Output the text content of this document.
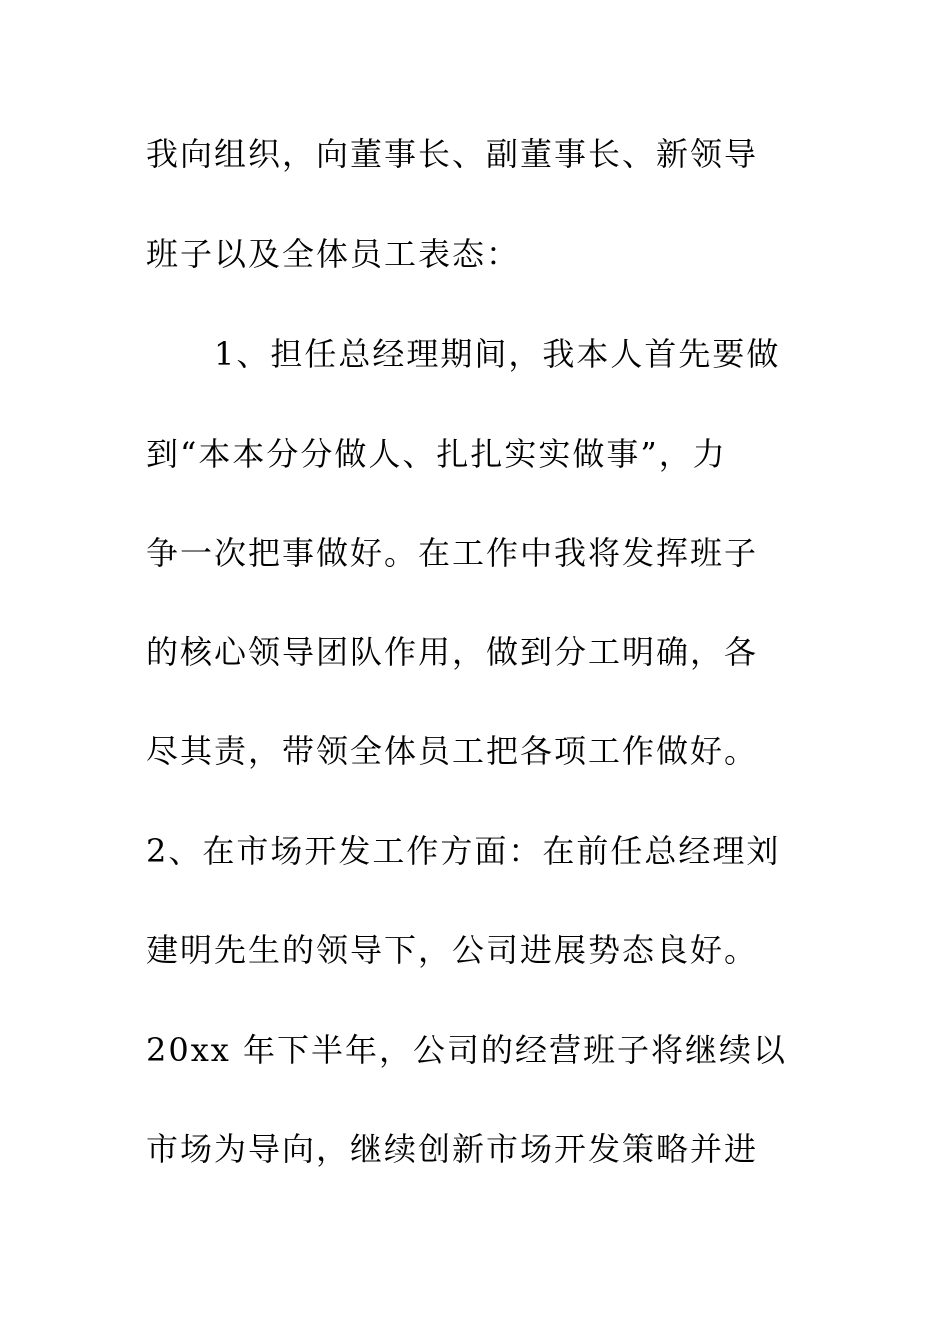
我向组织，向董事长、副董事长、新领导
班子以及全体员工表态：
1、担任总经理期间，我本人首先要做
到“本本分分做人、扎扎实实做事”，力
争一次把事做好。在工作中我将发挥班子
的核心领导团队作用，做到分工明确，各
尽其责，带领全体员工把各项工作做好。
2、在市场开发工作方面：在前任总经理刘
建明先生的领导下，公司进展势态良好。
20xx 年下半年，公司的经营班子将继续以
市场为导向，继续创新市场开发策略并进
